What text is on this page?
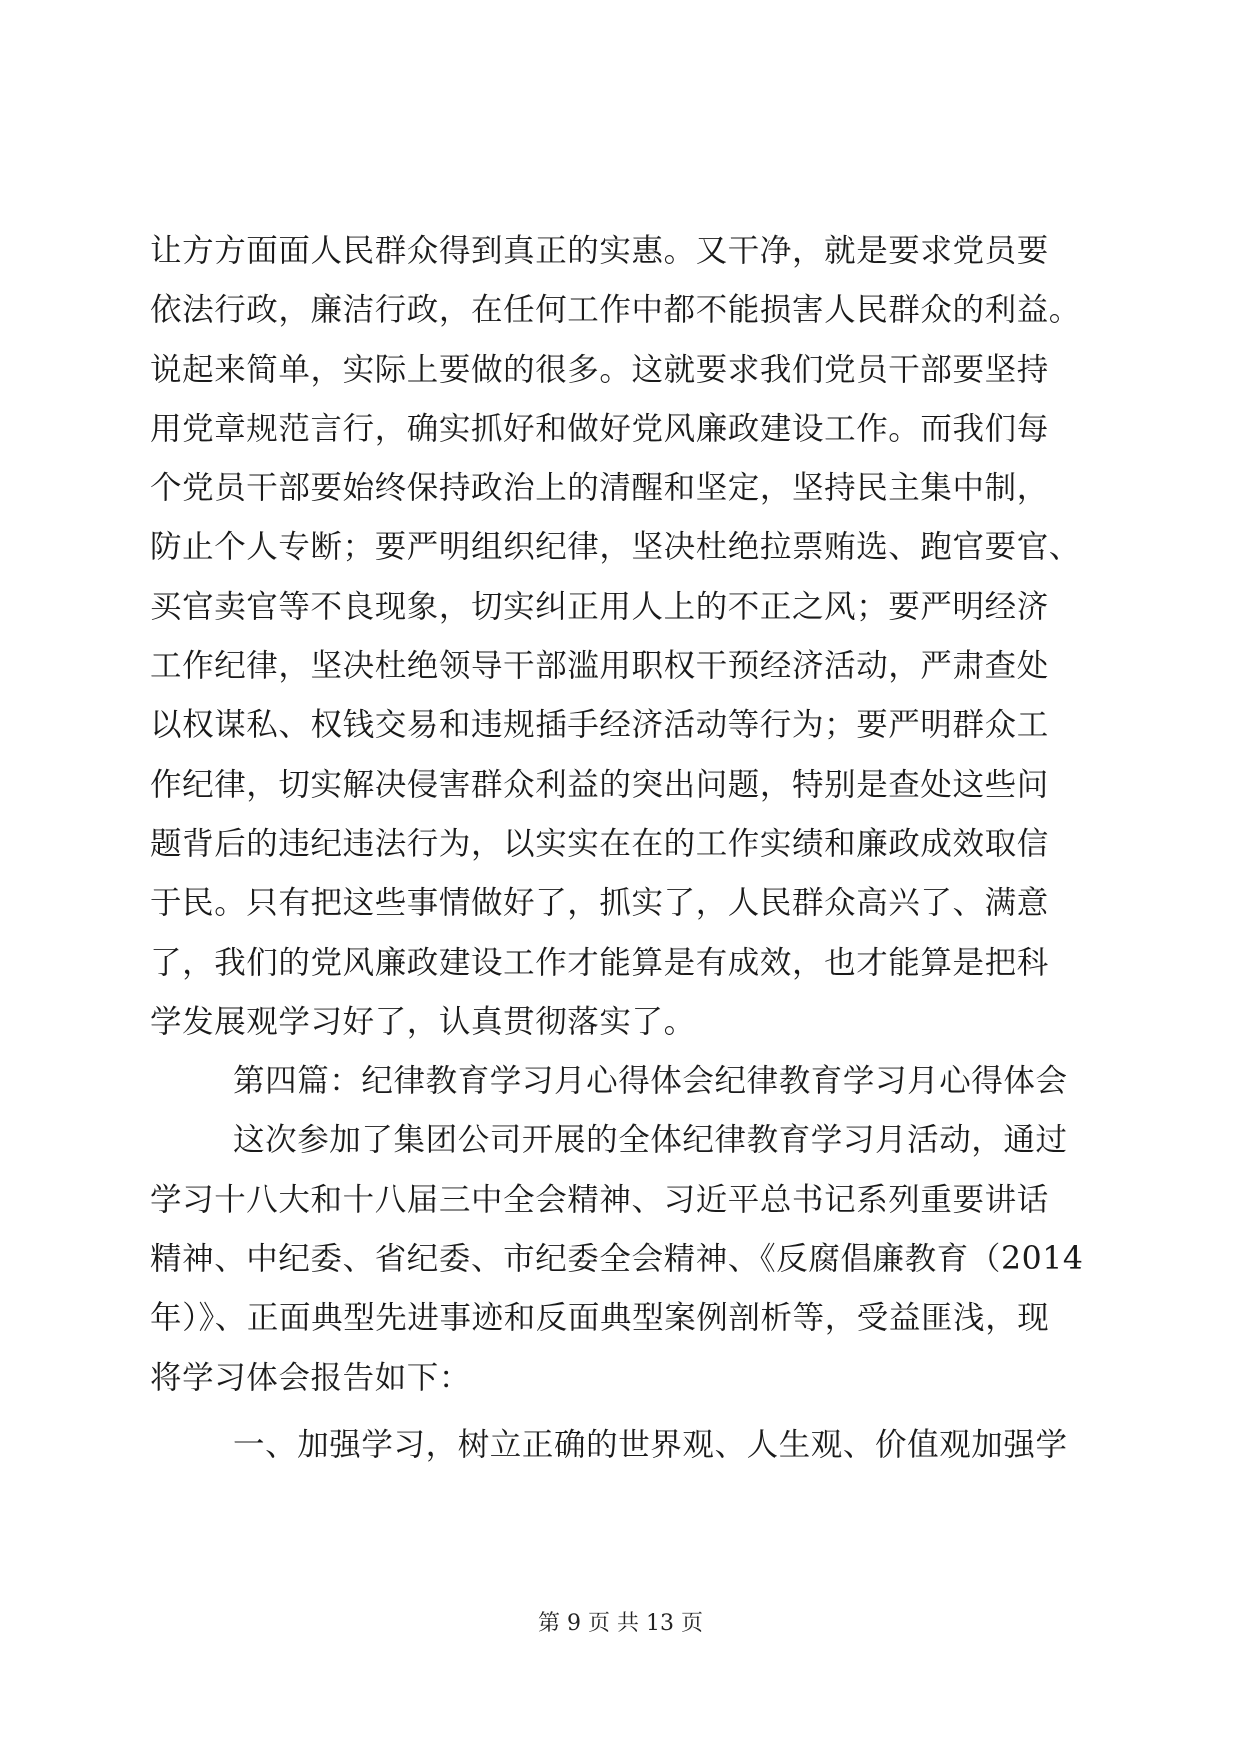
让方方面面人民群众得到真正的实惠。又干净，就是要求党员要
依法行政，廉洁行政，在任何工作中都不能损害人民群众的利益。
说起来简单，实际上要做的很多。这就要求我们党员干部要坚持
用党章规范言行，确实抓好和做好党风廉政建设工作。而我们每
个党员干部要始终保持政治上的清醒和坚定，坚持民主集中制，
防止个人专断；要严明组织纪律，坚决杜绝拉票贿选、跑官要官、
买官卖官等不良现象，切实纠正用人上的不正之风；要严明经济
工作纪律，坚决杜绝领导干部滥用职权干预经济活动，严肃查处
以权谋私、权钱交易和违规插手经济活动等行为；要严明群众工
作纪律，切实解决侵害群众利益的突出问题，特别是查处这些问
题背后的违纪违法行为，以实实在在的工作实绩和廉政成效取信
于民。只有把这些事情做好了，抓实了，人民群众高兴了、满意
了，我们的党风廉政建设工作才能算是有成效，也才能算是把科
学发展观学习好了，认真贯彻落实了。
第四篇：纪律教育学习月心得体会纪律教育学习月心得体会
这次参加了集团公司开展的全体纪律教育学习月活动，通过
学习十八大和十八届三中全会精神、习近平总书记系列重要讲话
精神、中纪委、省纪委、市纪委全会精神、《反腐倡廉教育（2014
年）》、正面典型先进事迹和反面典型案例剖析等，受益匪浅，现
将学习体会报告如下：
一、加强学习，树立正确的世界观、人生观、价值观加强学
第 9 页 共 13 页
